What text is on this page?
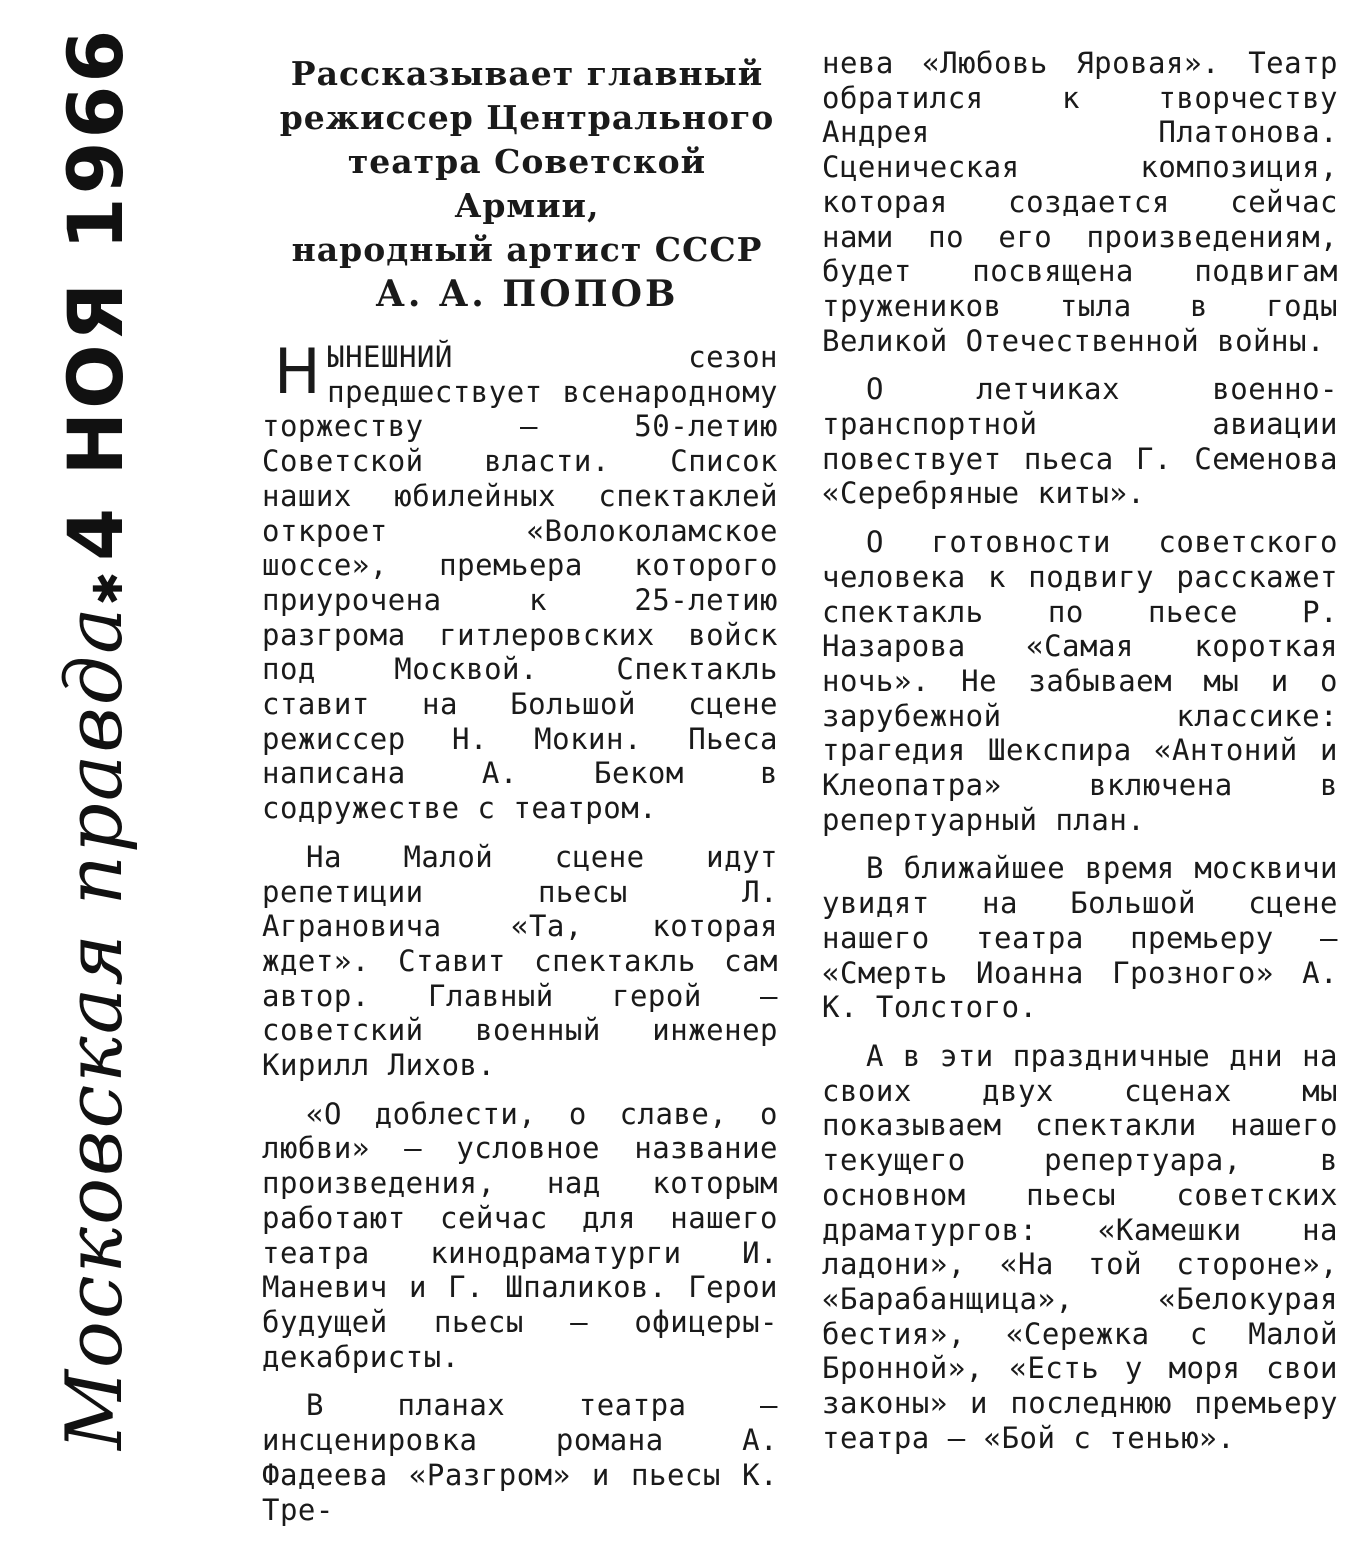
Московская правда
✱4 НОЯ 1966	Рассказывает главный
режиссер Центрального
театра Советской
Армии,
народный артист СССР
А. А. ПОПОВ

НЫНЕШНИЙ сезон предшествует всенародному торжеству — 50-летию Советской власти. Список наших юбилейных спектаклей откроет «Волоколамское шоссе», премьера которого приурочена к 25-летию разгрома гитлеровских войск под Москвой. Спектакль ставит на Большой сцене режиссер Н. Мокин. Пьеса написана А. Беком в содружестве с театром.

На Малой сцене идут репетиции пьесы Л. Аграновича «Та, которая ждет». Ставит спектакль сам автор. Главный герой — советский военный инженер Кирилл Лихов.

«О доблести, о славе, о любви» — условное название произведения, над которым работают сейчас для нашего театра кинодраматурги И. Маневич и Г. Шпаликов. Герои будущей пьесы — офицеры-декабристы.

В планах театра — инсценировка романа А. Фадеева «Разгром» и пьесы К. Тре-

нева «Любовь Яровая». Театр обратился к творчеству Андрея Платонова. Сценическая композиция, которая создается сейчас нами по его произведениям, будет посвящена подвигам тружеников тыла в годы Великой Отечественной войны.

О летчиках военно-транспортной авиации повествует пьеса Г. Семенова «Серебряные киты».

О готовности советского человека к подвигу расскажет спектакль по пьесе Р. Назарова «Самая короткая ночь». Не забываем мы и о зарубежной классике: трагедия Шекспира «Антоний и Клеопатра» включена в репертуарный план.

В ближайшее время москвичи увидят на Большой сцене нашего театра премьеру — «Смерть Иоанна Грозного» А. К. Толстого.

А в эти праздничные дни на своих двух сценах мы показываем спектакли нашего текущего репертуара, в основном пьесы советских драматургов: «Камешки на ладони», «На той стороне», «Барабанщица», «Белокурая бестия», «Сережка с Малой Бронной», «Есть у моря свои законы» и последнюю премьеру театра — «Бой с тенью».
